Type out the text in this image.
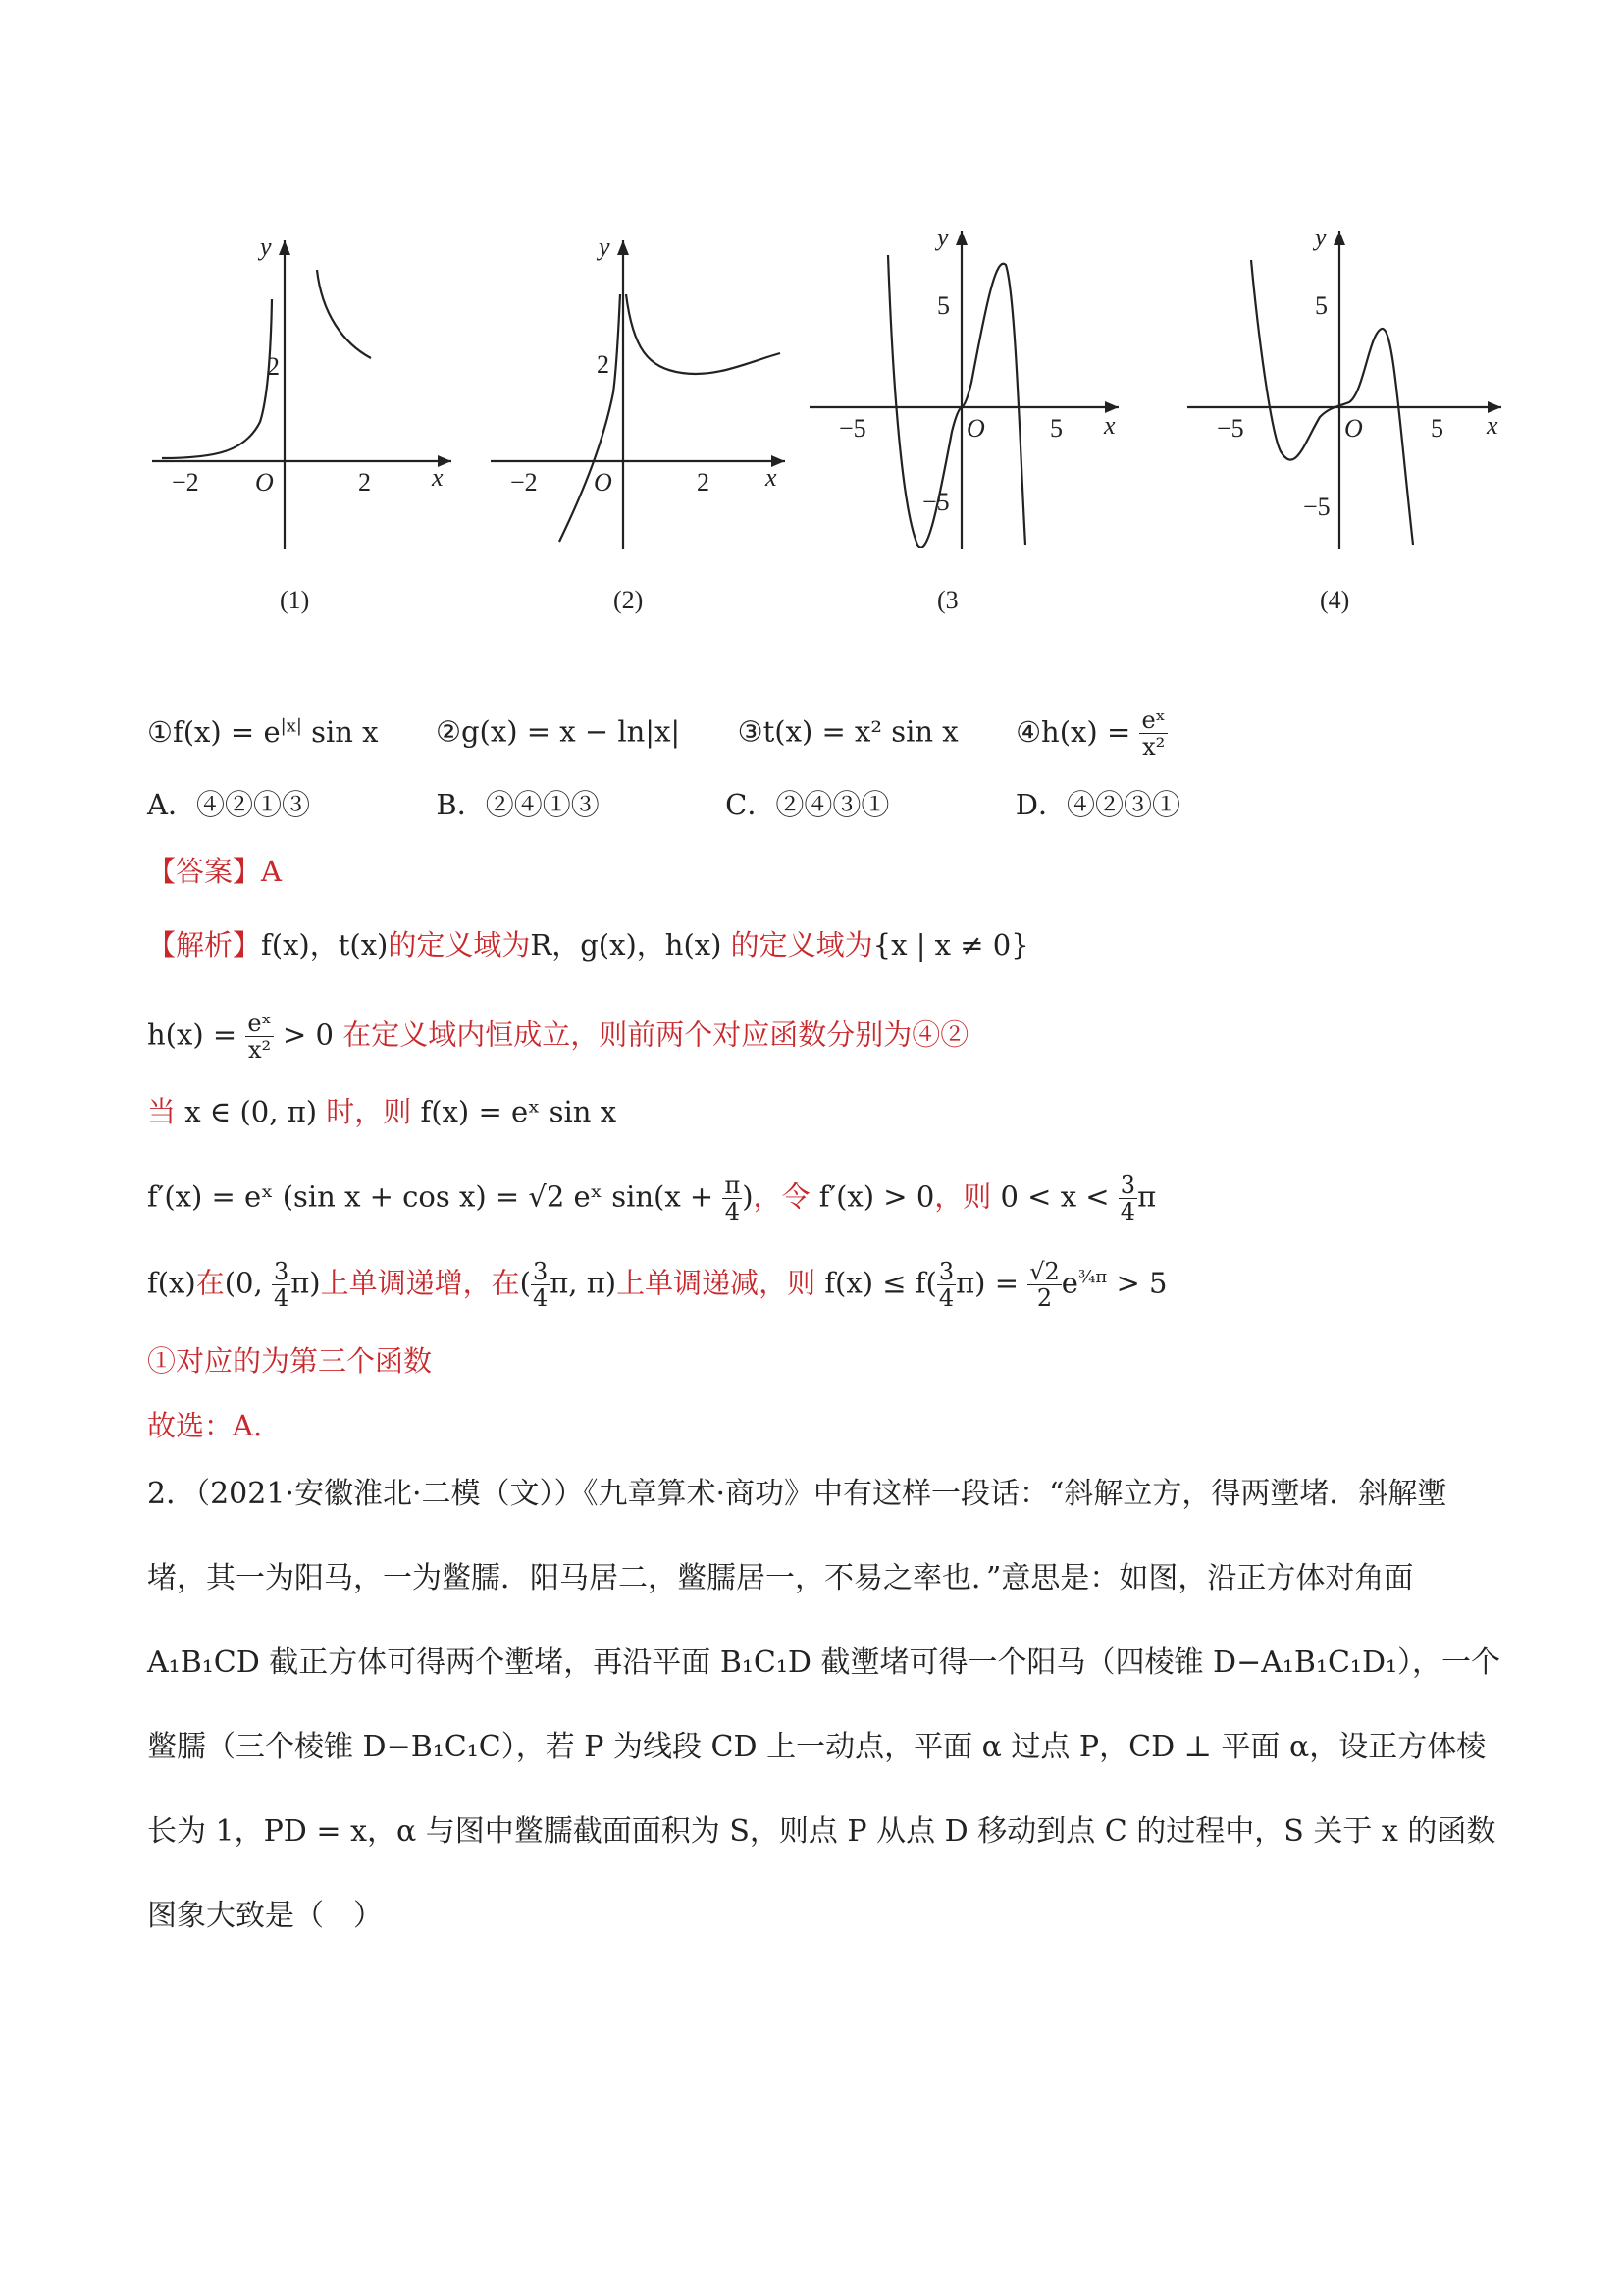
y
x
y
x
y
x
y
x
−2 O	2
2
(1)
−2 O	2
2
(2)
−5	O	5
5
−5
(3
−5	O	5
5
−5
(4)
①f(x) = $e^{|x|}$ sin x ②g(x) = x − ln|x| ③t(x) = x² sin x ④h(x) = $\frac{\text{eˣ}}{\text{x²}}$
A．④②①③	B．②④①③	C．②④③①	D．④②③①
【答案】A
【解析】f(x)，t(x)的定义域为R，g(x)，h(x) 的定义域为{x | x ≠ 0}
$h(x) = \frac{\text{eˣ}}{\text{x²}} > 0$ 在定义域内恒成立，则前两个对应函数分别为④②
当 x ∈ (0, π) 时，则 f(x) = eˣ sin x
f′(x) = eˣ (sin x + cos x) = √2 eˣ $\sin(x + \frac{\pi}{4}$ )，令 f′(x) > 0，则 $0 < x < \frac{3}{4}$ π
f(x)在(0, $\frac{3}{4} \pi$)上单调递增，在( $\frac{3}{4} \pi$, π)上单调递减，则 $f(x) \le f( \frac{3}{4} \pi) = \frac{√2}{2} e^{\frac{3}{4}\pi} > 5$
①对应的为第三个函数
故选：A.
2．（2021·安徽淮北·二模（文））《九章算术·商功》中有这样一段话：“斜解立方，得两壍堵．斜解壍堵，其一为阳马，一为鳖臑．阳马居二，鳖臑居一，不易之率也．”意思是：如图，沿正方体对角面 A₁B₁CD 截正方体可得两个壍堵，再沿平面 B₁C₁D 截壍堵可得一个阳马（四棱锥 D−A₁B₁C₁D₁），一个鳖臑（三个棱锥 D−B₁C₁C），若 P 为线段 CD 上一动点，平面 α 过点 P，CD ⊥ 平面 α，设正方体棱长为 1，PD = x，α 与图中鳖臑截面面积为 S，则点 P 从点 D 移动到点 C 的过程中，S 关于 x 的函数图象大致是（　）
